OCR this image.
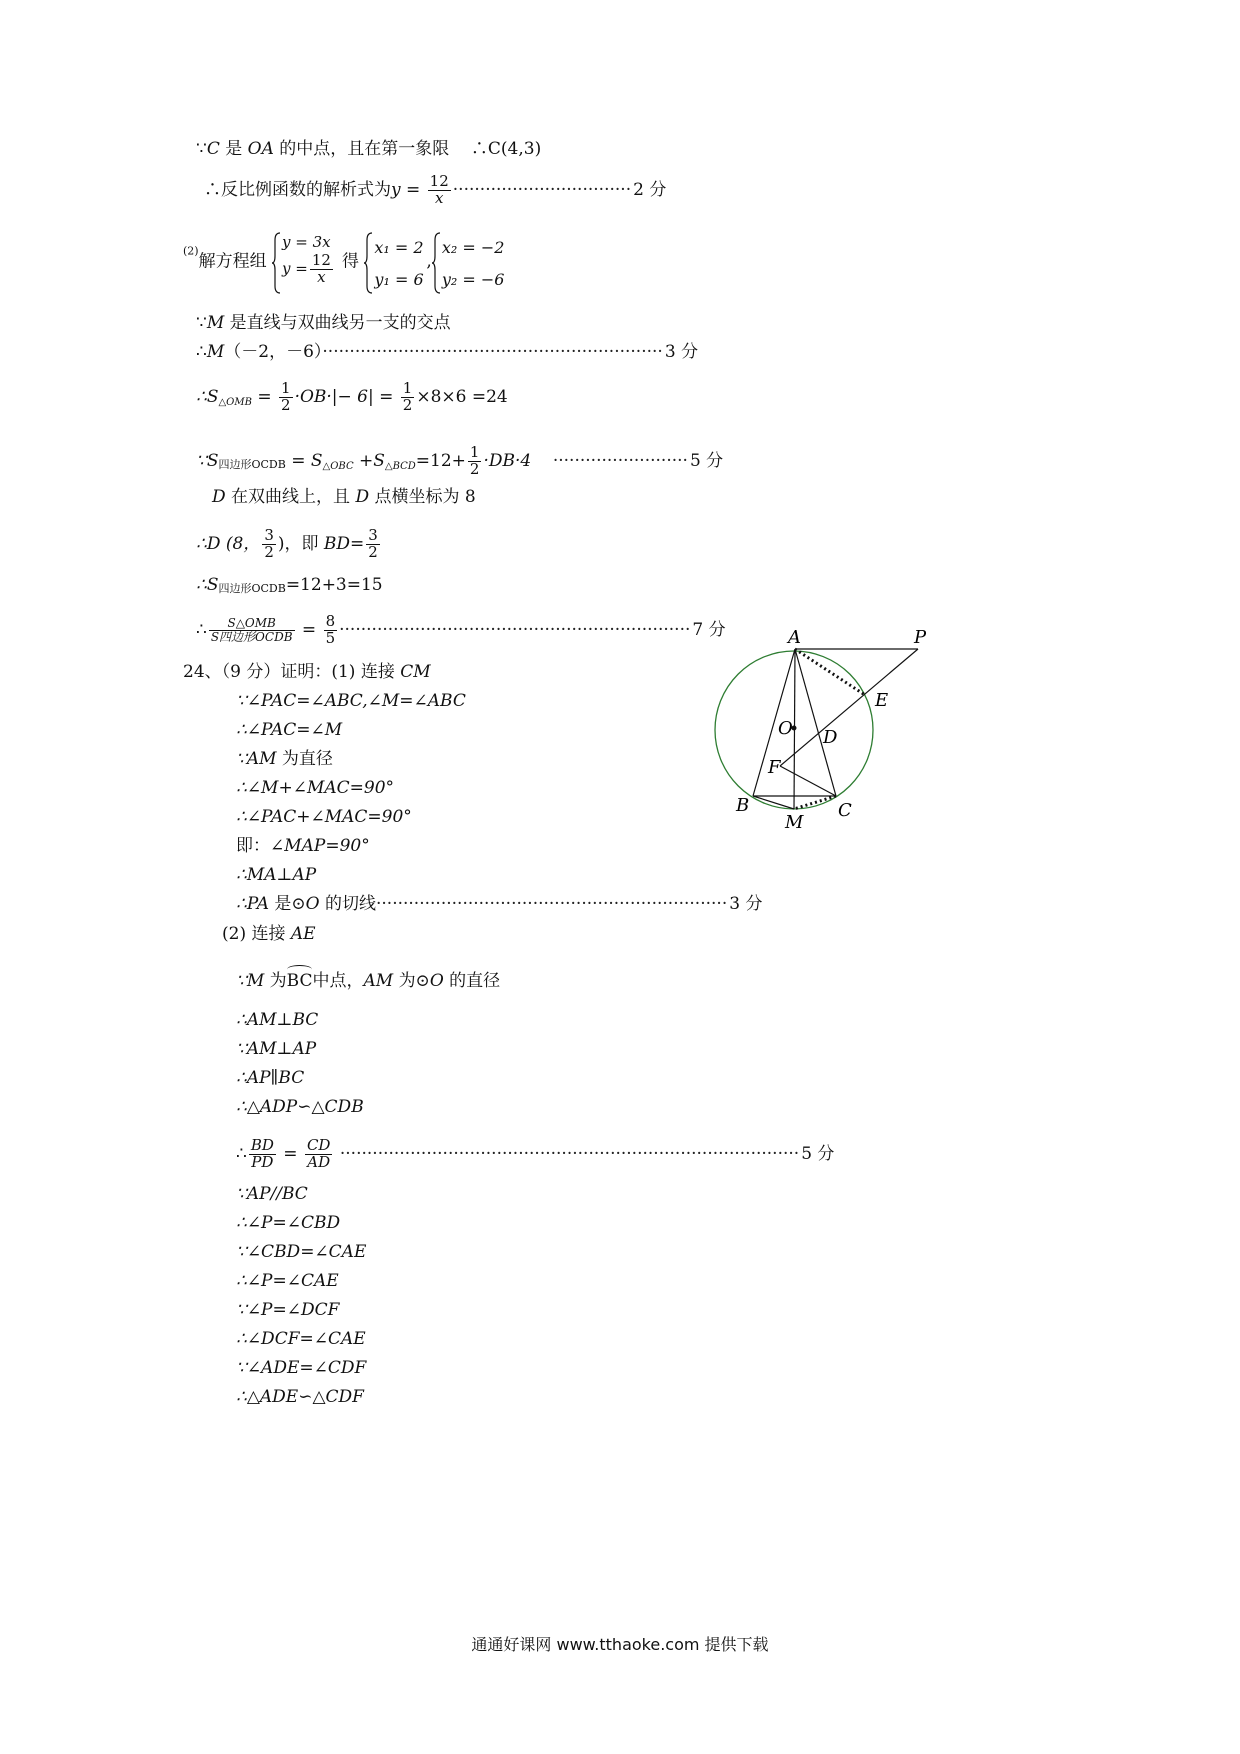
∵C 是 OA 的中点，且在第一象限 ∴C(4,3)
∴反比例函数的解析式为$y = \frac{12}{x}$ ································· 2 分
$^{(2)}$解方程组
y = 3x
$y = \frac{12}{x}$ 得
x₁ = 2
y₁ = 6,
x₂ = −2
y₂ = −6
∵M 是直线与双曲线另一支的交点
∴M（－2，－6）······························································· 3 分
$\therefore S_{\triangle OMB} = \frac{1}{2} \cdot OB\cdot|- 6| = \frac{1}{2} \times 8\times 6 =24$
∵S四边形OCDB = $S_{\triangle OBC} +S_{\triangle BCD}=12+ \frac{1}{2} \cdot DB\cdot 4$ ························· 5 分
D 在双曲线上，且 D 点横坐标为 8
∴D (8， $\frac{3}{2}$ )，即 $BD= \frac{3}{2}$
∴S四边形OCDB=12+3=15
∴ $\frac{\text{S△OMB}}{\text{S四边形OCDB}} = \frac{8}{5}$ ································································· 7 分
24、（9 分）证明：(1) 连接 CM
∵∠PAC=∠ABC,∠M=∠ABC
∴∠PAC=∠M
∵AM 为直径
∴∠M+∠MAC=90°
∴∠PAC+∠MAC=90°
即：∠MAP=90°
∴MA⊥AP
∴PA 是⊙O 的切线································································· 3 分
(2) 连接 AE
∵M 为BC中点，AM 为⊙O 的直径
∴AM⊥BC
∵AM⊥AP
∴AP∥BC
∴△ADP∽△CDB
∴ $\frac{BD}{PD} = \frac{CD}{AD}$ ····················································································· 5 分
∵AP//BC
∴∠P=∠CBD
∵∠CBD=∠CAE
∴∠P=∠CAE
∵∠P=∠DCF
∴∠DCF=∠CAE
∵∠ADE=∠CDF
∴△ADE∽△CDF
A	P
E
O D
F
B	C
M
通通好课网 www.tthaoke.com 提供下载
